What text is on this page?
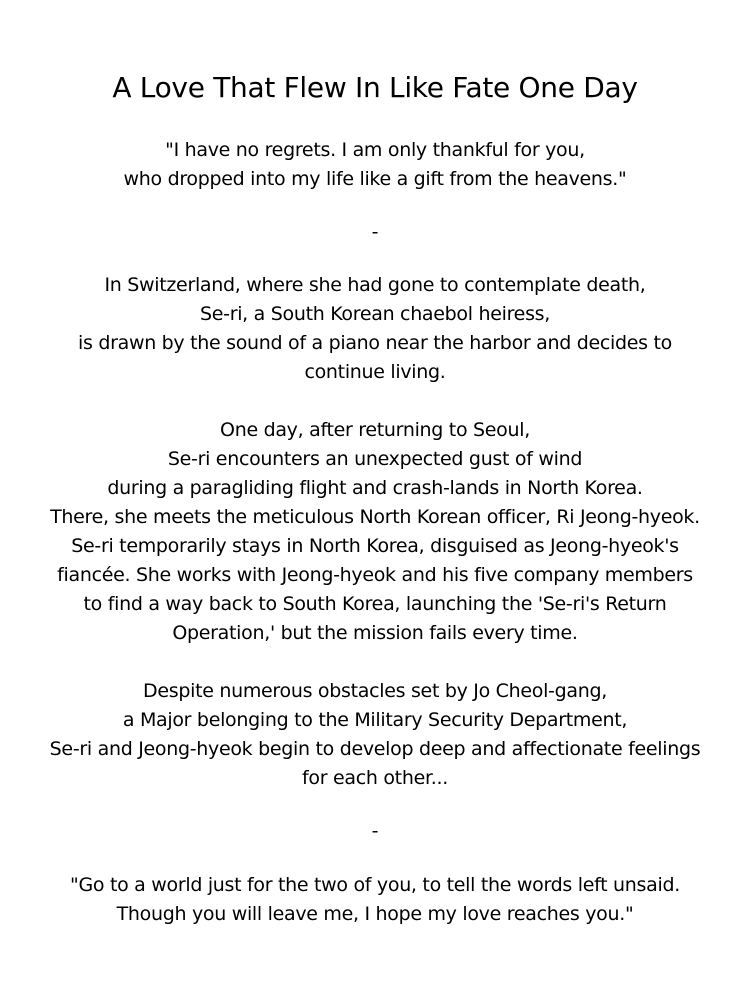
A Love That Flew In Like Fate One Day
"I have no regrets. I am only thankful for you,
who dropped into my life like a gift from the heavens."
-
In Switzerland, where she had gone to contemplate death,
Se-ri, a South Korean chaebol heiress,
is drawn by the sound of a piano near the harbor and decides to
continue living.
One day, after returning to Seoul,
Se-ri encounters an unexpected gust of wind
during a paragliding flight and crash-lands in North Korea.
There, she meets the meticulous North Korean officer, Ri Jeong-hyeok.
Se-ri temporarily stays in North Korea, disguised as Jeong-hyeok's
fiancée. She works with Jeong-hyeok and his five company members
to find a way back to South Korea, launching the 'Se-ri's Return
Operation,' but the mission fails every time.
Despite numerous obstacles set by Jo Cheol-gang,
a Major belonging to the Military Security Department,
Se-ri and Jeong-hyeok begin to develop deep and affectionate feelings
for each other...
-
"Go to a world just for the two of you, to tell the words left unsaid.
Though you will leave me, I hope my love reaches you."
